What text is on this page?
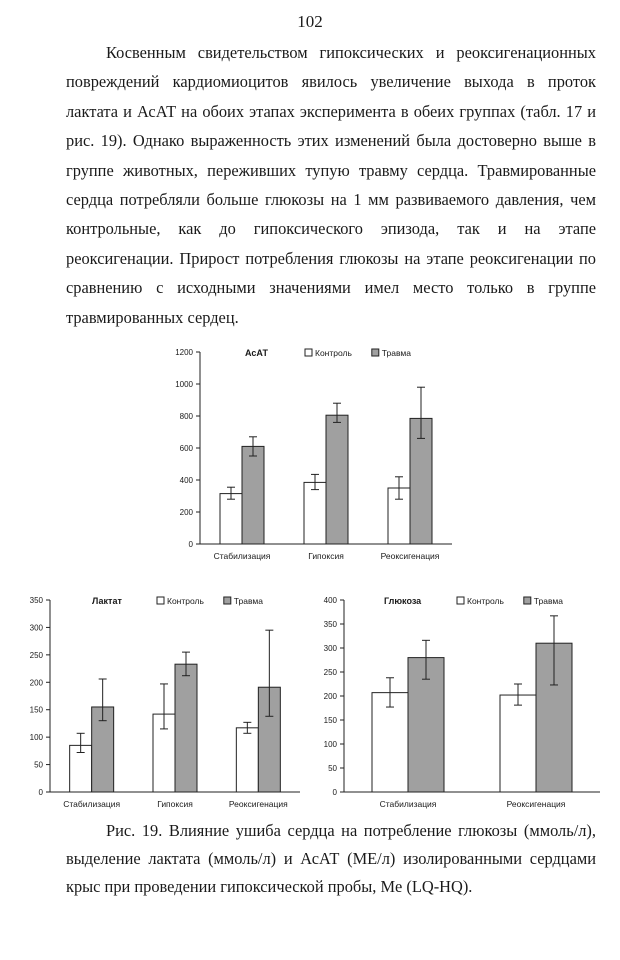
102

Косвенным свидетельством гипоксических и реоксигенационных повреждений кардиомиоцитов явилось увеличение выхода в проток лактата и АсАТ на обоих этапах эксперимента в обеих группах (табл. 17 и рис. 19). Однако выраженность этих изменений была достоверно выше в группе животных, переживших тупую травму сердца. Травмированные сердца потребляли больше глюкозы на 1 мм развиваемого давления, чем контрольные, как до гипоксического эпизода, так и на этапе реоксигенации. Прирост потребления глюкозы на этапе реоксигенации по сравнению с исходными значениями имел место только в группе травмированных сердец.

0
200
400
600
800
1000
1200
Стабилизация	Гипоксия	Реоксигенация
АсАТ	Контроль	Травма
0
50
100
150
200
250
300
350
Стабилизация	Гипоксия	Реоксигенация
Лактат	Контроль	Травма
0
50
100
150
200
250
300
350
400
Стабилизация	Реоксигенация
Глюкоза	Контроль	Травма

Рис. 19. Влияние ушиба сердца на потребление глюкозы (ммоль/л), выделение лактата (ммоль/л) и АсАТ (МЕ/л) изолированными сердцами крыс при проведении гипоксической пробы, Me (LQ-HQ).
